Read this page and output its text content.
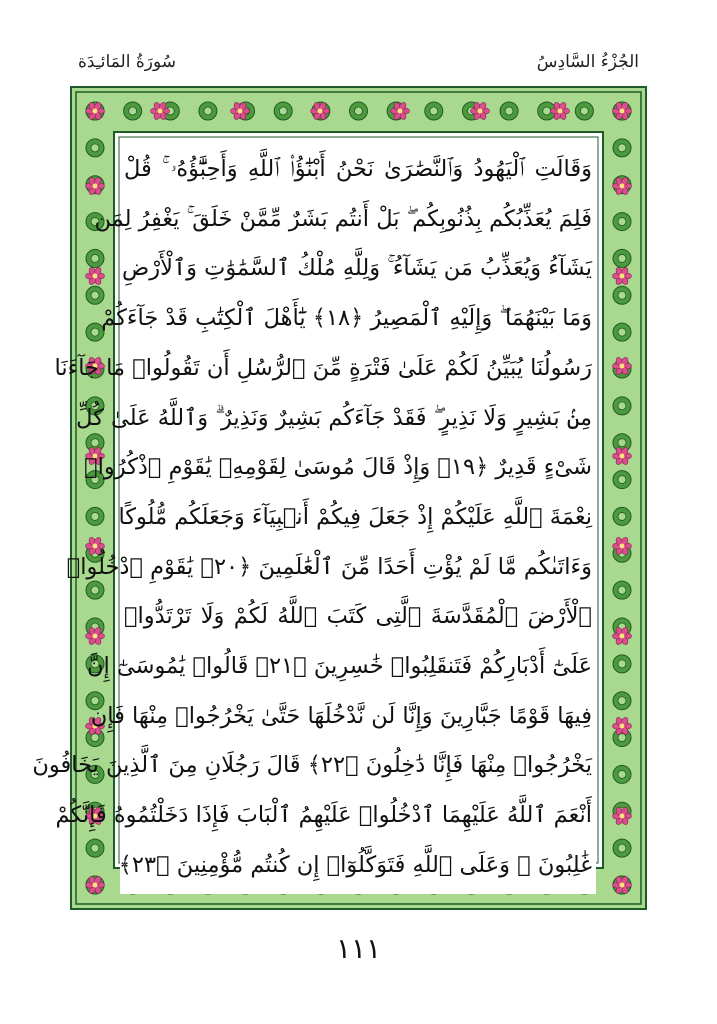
سُورَةُ المَائـِدَة	الجُزْءُ السَّادِسُ
وَقَالَتِ ٱلْيَهُودُ وَٱلنَّصَٰرَىٰ نَحْنُ أَبْنَٰٓؤُا۟ ٱللَّهِ وَأَحِبَّٰٓؤُهُۥ ۚ قُلْ
فَلِمَ يُعَذِّبُكُم بِذُنُوبِكُم ۖ بَلْ أَنتُم بَشَرٌ مِّمَّنْ خَلَقَ ۚ يَغْفِرُ لِمَن
يَشَآءُ وَيُعَذِّبُ مَن يَشَآءُ ۚ وَلِلَّهِ مُلْكُ ٱلسَّمَٰوَٰتِ وَٱلْأَرْضِ
وَمَا بَيْنَهُمَا ۖ وَإِلَيْهِ ٱلْمَصِيرُ ﴿١٨﴾ يَٰٓأَهْلَ ٱلْكِتَٰبِ قَدْ جَآءَكُمْ
رَسُولُنَا يُبَيِّنُ لَكُمْ عَلَىٰ فَتْرَةٍ مِّنَ ٱلرُّسُلِ أَن تَقُولُوا۟ مَا جَآءَنَا
مِنۢ بَشِيرٍ وَلَا نَذِيرٍ ۖ فَقَدْ جَآءَكُم بَشِيرٌ وَنَذِيرٌ ۗ وَٱللَّهُ عَلَىٰ كُلِّ
شَىْءٍ قَدِيرٌ ﴿١٩﴾ وَإِذْ قَالَ مُوسَىٰ لِقَوْمِهِۦ يَٰقَوْمِ ٱذْكُرُوا۟
نِعْمَةَ ٱللَّهِ عَلَيْكُمْ إِذْ جَعَلَ فِيكُمْ أَنۢبِيَآءَ وَجَعَلَكُم مُّلُوكًا
وَءَاتَىٰكُم مَّا لَمْ يُؤْتِ أَحَدًا مِّنَ ٱلْعَٰلَمِينَ ﴿٢٠﴾ يَٰقَوْمِ ٱدْخُلُوا۟
ٱلْأَرْضَ ٱلْمُقَدَّسَةَ ٱلَّتِى كَتَبَ ٱللَّهُ لَكُمْ وَلَا تَرْتَدُّوا۟
عَلَىٰٓ أَدْبَارِكُمْ فَتَنقَلِبُوا۟ خَٰسِرِينَ ﴿٢١﴾ قَالُوا۟ يَٰمُوسَىٰٓ إِنَّ
فِيهَا قَوْمًا جَبَّارِينَ وَإِنَّا لَن نَّدْخُلَهَا حَتَّىٰ يَخْرُجُوا۟ مِنْهَا فَإِن
يَخْرُجُوا۟ مِنْهَا فَإِنَّا دَٰخِلُونَ ﴿٢٢﴾ قَالَ رَجُلَانِ مِنَ ٱلَّذِينَ يَخَافُونَ
أَنْعَمَ ٱللَّهُ عَلَيْهِمَا ٱدْخُلُوا۟ عَلَيْهِمُ ٱلْبَابَ فَإِذَا دَخَلْتُمُوهُ فَإِنَّكُمْ
غَٰلِبُونَ ۚ وَعَلَى ٱللَّهِ فَتَوَكَّلُوٓا۟ إِن كُنتُم مُّؤْمِنِينَ ﴿٢٣﴾
١١١
